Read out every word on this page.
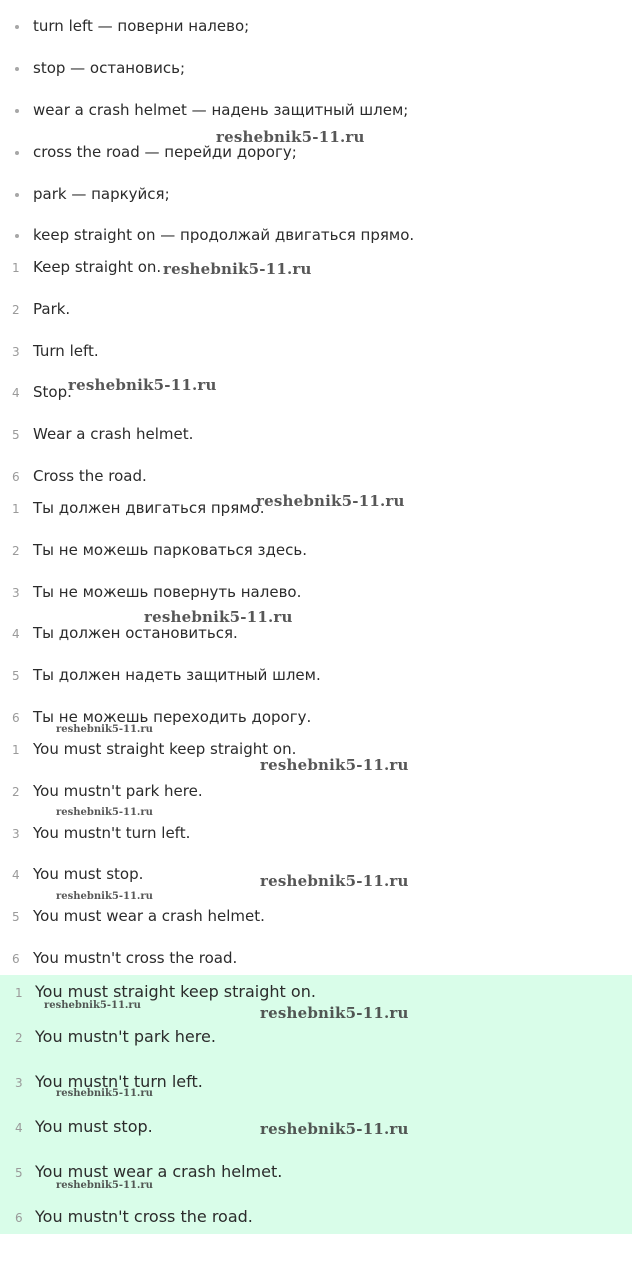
turn left — поверни налево;
stop — остановись;
wear a crash helmet — надень защитный шлем;
cross the road — перейди дорогу;
park — паркуйся;
keep straight on — продолжай двигаться прямо.
1 Keep straight on.
2 Park.
3 Turn left.
4 Stop.
5 Wear a crash helmet.
6 Cross the road.
1 Ты должен двигаться прямо.
2 Ты не можешь парковаться здесь.
3 Ты не можешь повернуть налево.
4 Ты должен остановиться.
5 Ты должен надеть защитный шлем.
6 Ты не можешь переходить дорогу.
1 You must straight keep straight on.
2 You mustn't park here.
3 You mustn't turn left.
4 You must stop.
5 You must wear a crash helmet.
6 You mustn't cross the road.
1 You must straight keep straight on.
2 You mustn't park here.
3 You mustn't turn left.
4 You must stop.
5 You must wear a crash helmet.
6 You mustn't cross the road.
reshebnik5-11.ru
reshebnik5-11.ru
reshebnik5-11.ru
reshebnik5-11.ru
reshebnik5-11.ru
reshebnik5-11.ru
reshebnik5-11.ru
reshebnik5-11.ru
reshebnik5-11.ru
reshebnik5-11.ru
reshebnik5-11.ru	reshebnik5-11.ru
reshebnik5-11.ru
reshebnik5-11.ru
reshebnik5-11.ru
